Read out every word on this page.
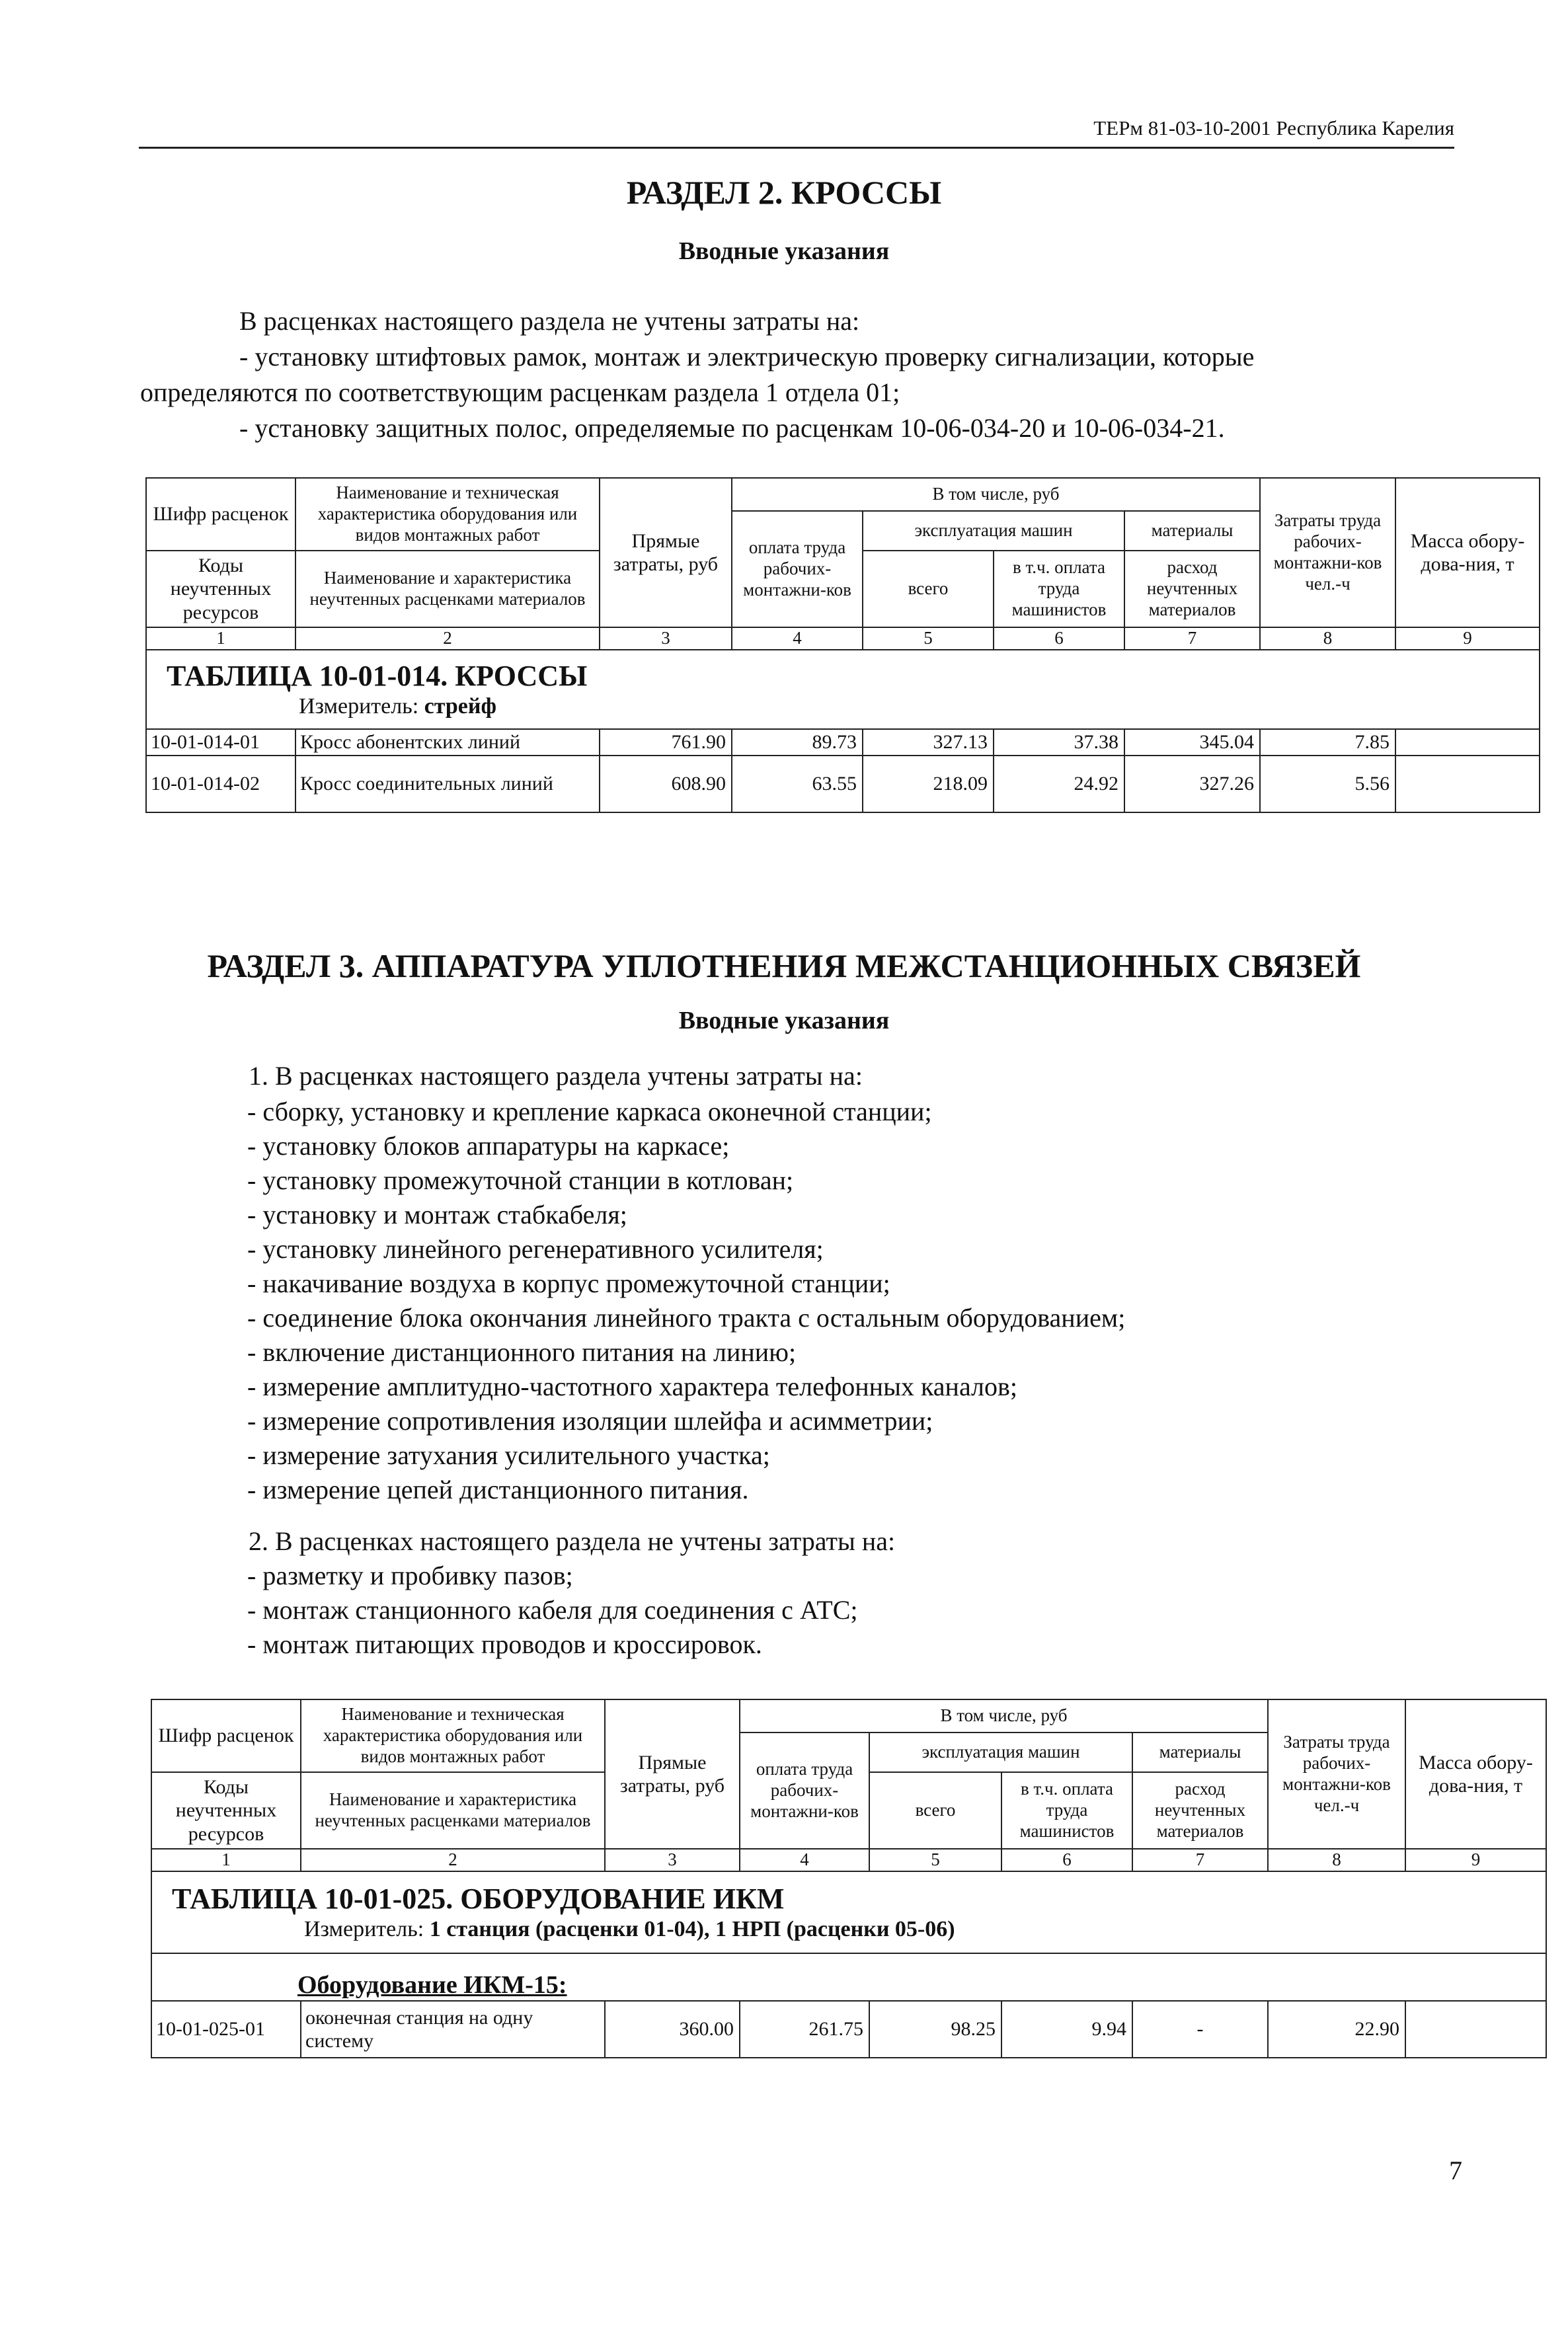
ТЕРм 81-03-10-2001 Республика Карелия
РАЗДЕЛ 2. КРОССЫ
Вводные указания
В расценках настоящего раздела не учтены затраты на:
- установку штифтовых рамок, монтаж и электрическую проверку сигнализации, которые
определяются по соответствующим расценкам раздела 1 отдела 01;
- установку защитных полос, определяемые по расценкам 10-06-034-20 и 10-06-034-21.
Шифр расценок	Наименование и техническая характеристика оборудования или видов монтажных работ	Прямые затраты, руб	В том числе, руб				Затраты труда рабочих-монтажни-ков чел.-ч	Масса обору-дова-ния, т
			оплата труда рабочих-монтажни-ков	эксплуатация машин		материалы		
Коды неучтенных ресурсов	Наименование и характеристика неучтенных расценками материалов			всего	в т.ч. оплата труда машинистов	расход неучтенных материалов		

1	2	3	4	5	6	7	8	9

ТАБЛИЦА 10-01-014. КРОССЫ
Измеритель: стрейф								

10-01-014-01	Кросс абонентских линий	761.90	89.73	327.13	37.38	345.04	7.85	
10-01-014-02	Кросс соединительных линий	608.90	63.55	218.09	24.92	327.26	5.56	
РАЗДЕЛ 3. АППАРАТУРА УПЛОТНЕНИЯ МЕЖСТАНЦИОННЫХ СВЯЗЕЙ
Вводные указания
1. В расценках настоящего раздела учтены затраты на:
- сборку, установку и крепление каркаса оконечной станции;
- установку блоков аппаратуры на каркасе;
- установку промежуточной станции в котлован;
- установку и монтаж стабкабеля;
- установку линейного регенеративного усилителя;
- накачивание воздуха в корпус промежуточной станции;
- соединение блока окончания линейного тракта с остальным оборудованием;
- включение дистанционного питания на линию;
- измерение амплитудно-частотного характера телефонных каналов;
- измерение сопротивления изоляции шлейфа и асимметрии;
- измерение затухания усилительного участка;
- измерение цепей дистанционного питания.
2. В расценках настоящего раздела не учтены затраты на:
- разметку и пробивку пазов;
- монтаж станционного кабеля для соединения с АТС;
- монтаж питающих проводов и кроссировок.
Шифр расценок	Наименование и техническая характеристика оборудования или видов монтажных работ	Прямые затраты, руб	В том числе, руб				Затраты труда рабочих-монтажни-ков чел.-ч	Масса обору-дова-ния, т
			оплата труда рабочих-монтажни-ков	эксплуатация машин		материалы		
Коды неучтенных ресурсов	Наименование и характеристика неучтенных расценками материалов			всего	в т.ч. оплата труда машинистов	расход неучтенных материалов		

1	2	3	4	5	6	7	8	9

ТАБЛИЦА 10-01-025. ОБОРУДОВАНИЕ ИКМ
Измеритель: 1 станция (расценки 01-04), 1 НРП (расценки 05-06)								

Оборудование ИКМ-15:								

10-01-025-01	оконечная станция на одну систему	360.00	261.75	98.25	9.94	-	22.90	
7
